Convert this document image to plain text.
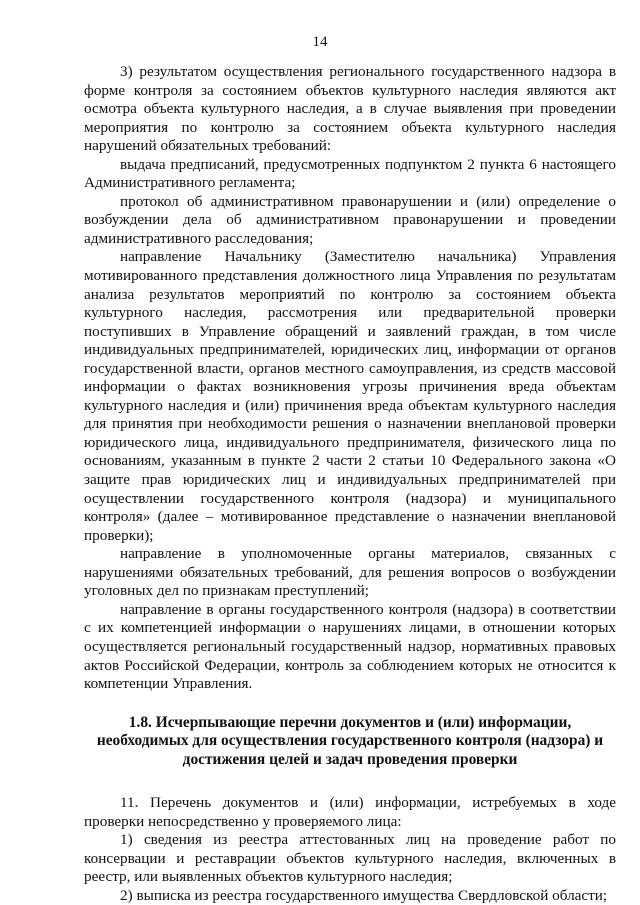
14

3) результатом осуществления регионального государственного надзора в форме контроля за состоянием объектов культурного наследия являются акт осмотра объекта культурного наследия, а в случае выявления при проведении мероприятия по контролю за состоянием объекта культурного наследия нарушений обязательных требований:

выдача предписаний, предусмотренных подпунктом 2 пункта 6 настоящего Административного регламента;

протокол об административном правонарушении и (или) определение о возбуждении дела об административном правонарушении и проведении административного расследования;

направление Начальнику (Заместителю начальника) Управления мотивированного представления должностного лица Управления по результатам анализа результатов мероприятий по контролю за состоянием объекта культурного наследия, рассмотрения или предварительной проверки поступивших в Управление обращений и заявлений граждан, в том числе индивидуальных предпринимателей, юридических лиц, информации от органов государственной власти, органов местного самоуправления, из средств массовой информации о фактах возникновения угрозы причинения вреда объектам культурного наследия и (или) причинения вреда объектам культурного наследия для принятия при необходимости решения о назначении внеплановой проверки юридического лица, индивидуального предпринимателя, физического лица по основаниям, указанным в пункте 2 части 2 статьи 10 Федерального закона «О защите прав юридических лиц и индивидуальных предпринимателей при осуществлении государственного контроля (надзора) и муниципального контроля» (далее – мотивированное представление о назначении внеплановой проверки);

направление в уполномоченные органы материалов, связанных с нарушениями обязательных требований, для решения вопросов о возбуждении уголовных дел по признакам преступлений;

направление в органы государственного контроля (надзора) в соответствии с их компетенцией информации о нарушениях лицами, в отношении которых осуществляется региональный государственный надзор, нормативных правовых актов Российской Федерации, контроль за соблюдением которых не относится к компетенции Управления.

1.8. Исчерпывающие перечни документов и (или) информации, необходимых для осуществления государственного контроля (надзора) и достижения целей и задач проведения проверки

11. Перечень документов и (или) информации, истребуемых в ходе проверки непосредственно у проверяемого лица:

1) сведения из реестра аттестованных лиц на проведение работ по консервации и реставрации объектов культурного наследия, включенных в реестр, или выявленных объектов культурного наследия;

2) выписка из реестра государственного имущества Свердловской области;
